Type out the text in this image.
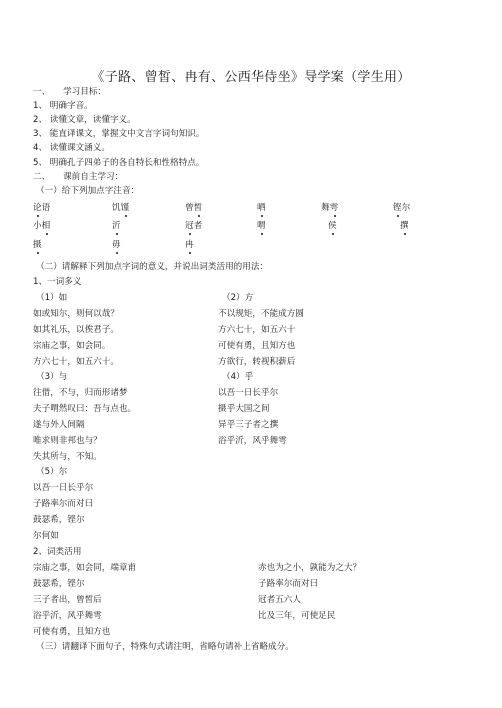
《子路、曾皙、冉有、公西华侍坐》导学案（学生用）
一、　　学习目标：
1、 明确字音。
2、 读懂文章，读懂字义。
3、 能直译课文，掌握文中文言字词句知识。
4、 读懂课文涵义。
5、 明确孔子四弟子的各自特长和性格特点。
二、　　课前自主学习：
（一）给下列加点字注音：
论语	饥馑	曾皙	哂	舞雩	铿尔
小相	沂	冠者	喟	侯	撰
摄	毋	冉
（二）请解释下列加点字词的意义，并说出词类活用的用法：
1、一词多义
（1）如
如或知尔，则何以哉？
如其礼乐，以俟君子。
宗庙之事，如会同。
方六七十，如五六十。
（3）与
往借，不与，归而形诸梦
夫子喟然叹曰：吾与点也。
遂与外人间隔
唯求则非邦也与？
失其所与，不知。
（5）尔
以吾一日长乎尔
子路率尔而对曰
鼓瑟希，铿尔
尔何如
（2）方
不以规矩，不能成方圆
方六七十，如五六十
可使有勇，且知方也
方欲行，转视积薪后
（4）乎
以吾一日长乎尔
摄乎大国之间
异乎三子者之撰
浴乎沂，风乎舞雩
2、词类活用
宗庙之事，如会同，端章甫	赤也为之小，孰能为之大？
鼓瑟希，铿尔	子路率尔而对曰
三子者出，曾皙后	冠者五六人
浴乎沂，风乎舞雩	比及三年，可使足民
可使有勇，且知方也
（三）请翻译下面句子，特殊句式请注明，省略句请补上省略成分。
